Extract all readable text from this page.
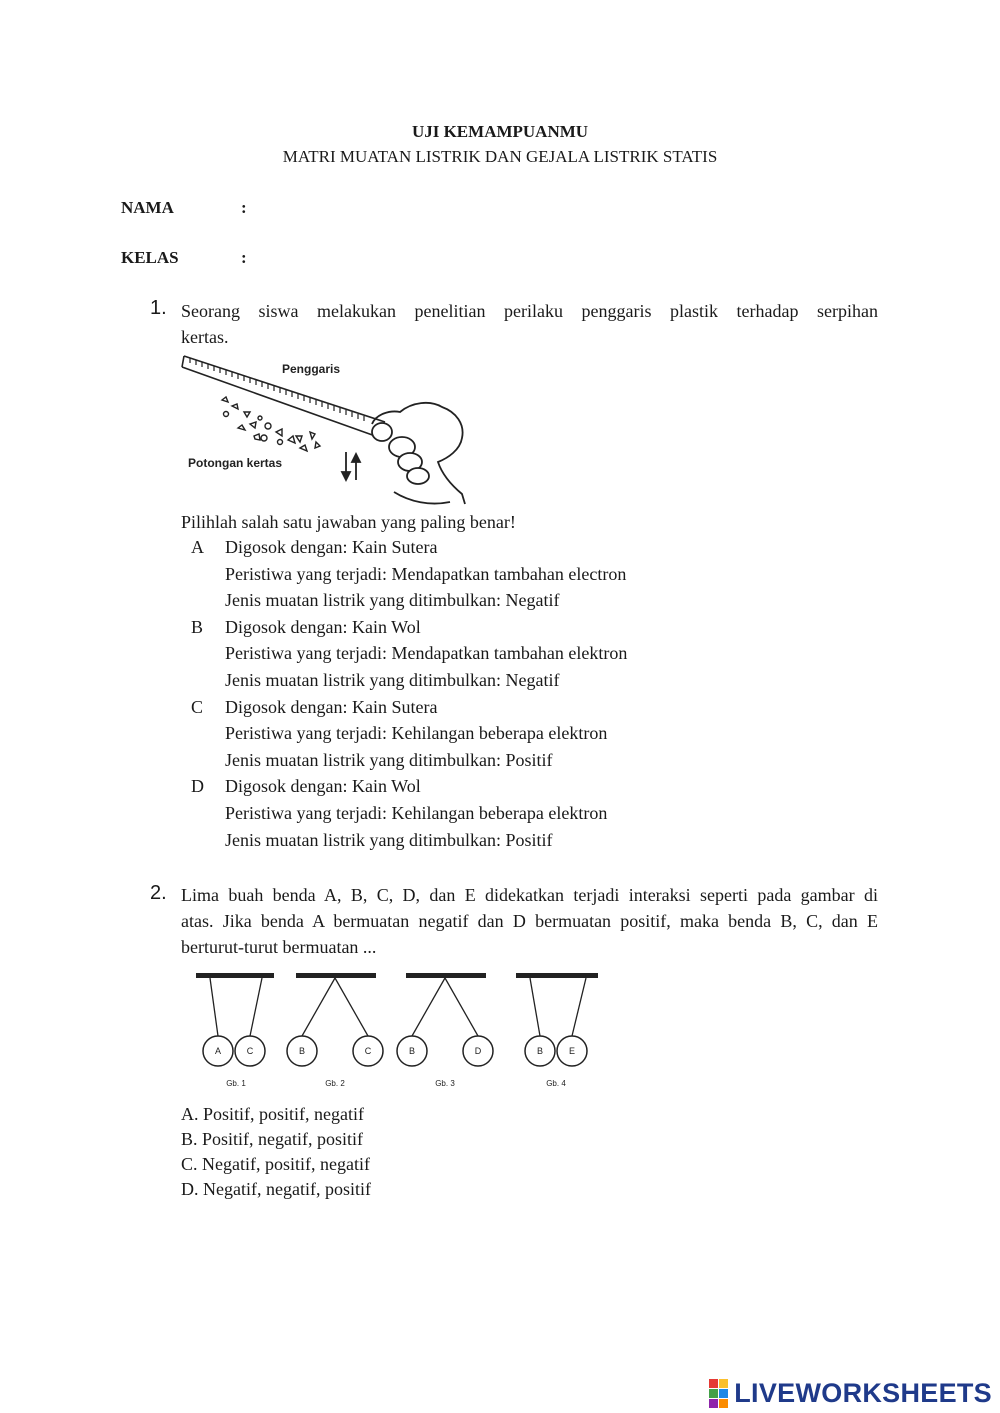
UJI KEMAMPUANMU
MATRI MUATAN LISTRIK DAN GEJALA LISTRIK STATIS
NAMA	:
KELAS	:
1. Seorang siswa melakukan penelitian perilaku penggaris plastik terhadap serpihan
kertas.
Penggaris
Potongan kertas
Pilihlah salah satu jawaban yang paling benar!
A Digosok dengan: Kain Sutera
Peristiwa yang terjadi: Mendapatkan tambahan electron
Jenis muatan listrik yang ditimbulkan: Negatif
B Digosok dengan: Kain Wol
Peristiwa yang terjadi: Mendapatkan tambahan elektron
Jenis muatan listrik yang ditimbulkan: Negatif
C Digosok dengan: Kain Sutera
Peristiwa yang terjadi: Kehilangan beberapa elektron
Jenis muatan listrik yang ditimbulkan: Positif
D Digosok dengan: Kain Wol
Peristiwa yang terjadi: Kehilangan beberapa elektron
Jenis muatan listrik yang ditimbulkan: Positif
2. Lima buah benda A, B, C, D, dan E didekatkan terjadi interaksi seperti pada gambar di
atas. Jika benda A bermuatan negatif dan D bermuatan positif, maka benda B, C, dan E
berturut-turut bermuatan ...
A	C
Gb. 1
B	C
Gb. 2
B	D
Gb. 3
B	E
Gb. 4
A. Positif, positif, negatif
B. Positif, negatif, positif
C. Negatif, positif, negatif
D. Negatif, negatif, positif
LIVEWORKSHEETS
